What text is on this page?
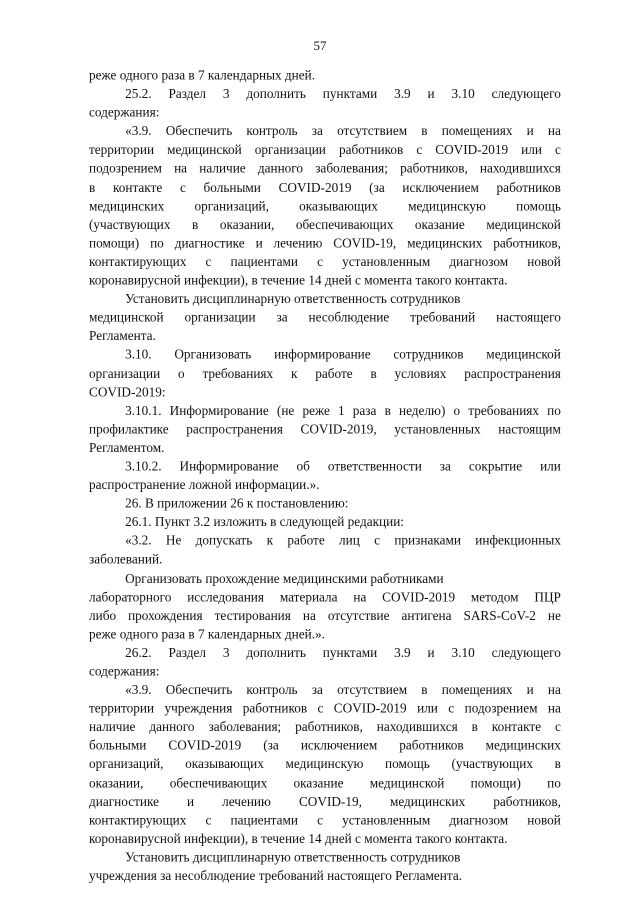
57

реже одного раза в 7 календарных дней.

25.2. Раздел 3 дополнить пунктами 3.9 и 3.10 следующего

содержания:

«3.9. Обеспечить контроль за отсутствием в помещениях и на

территории медицинской организации работников с COVID-2019 или с

подозрением на наличие данного заболевания; работников, находившихся

в контакте с больными COVID-2019 (за исключением работников

медицинских организаций, оказывающих медицинскую помощь

(участвующих в оказании, обеспечивающих оказание медицинской

помощи) по диагностике и лечению COVID-19, медицинских работников,

контактирующих с пациентами с установленным диагнозом новой

коронавирусной инфекции), в течение 14 дней с момента такого контакта.

Установить дисциплинарную ответственность сотрудников

медицинской организации за несоблюдение требований настоящего

Регламента.

3.10. Организовать информирование сотрудников медицинской

организации о требованиях к работе в условиях распространения

COVID-2019:

3.10.1. Информирование (не реже 1 раза в неделю) о требованиях по

профилактике распространения COVID-2019, установленных настоящим

Регламентом.

3.10.2. Информирование об ответственности за сокрытие или

распространение ложной информации.».

26. В приложении 26 к постановлению:

26.1. Пункт 3.2 изложить в следующей редакции:

«3.2. Не допускать к работе лиц с признаками инфекционных

заболеваний.

Организовать прохождение медицинскими работниками

лабораторного исследования материала на COVID-2019 методом ПЦР

либо прохождения тестирования на отсутствие антигена SARS-CoV-2 не

реже одного раза в 7 календарных дней.».

26.2. Раздел 3 дополнить пунктами 3.9 и 3.10 следующего

содержания:

«3.9. Обеспечить контроль за отсутствием в помещениях и на

территории учреждения работников с COVID-2019 или с подозрением на

наличие данного заболевания; работников, находившихся в контакте с

больными COVID-2019 (за исключением работников медицинских

организаций, оказывающих медицинскую помощь (участвующих в

оказании, обеспечивающих оказание медицинской помощи) по

диагностике и лечению COVID-19, медицинских работников,

контактирующих с пациентами с установленным диагнозом новой

коронавирусной инфекции), в течение 14 дней с момента такого контакта.

Установить дисциплинарную ответственность сотрудников

учреждения за несоблюдение требований настоящего Регламента.
